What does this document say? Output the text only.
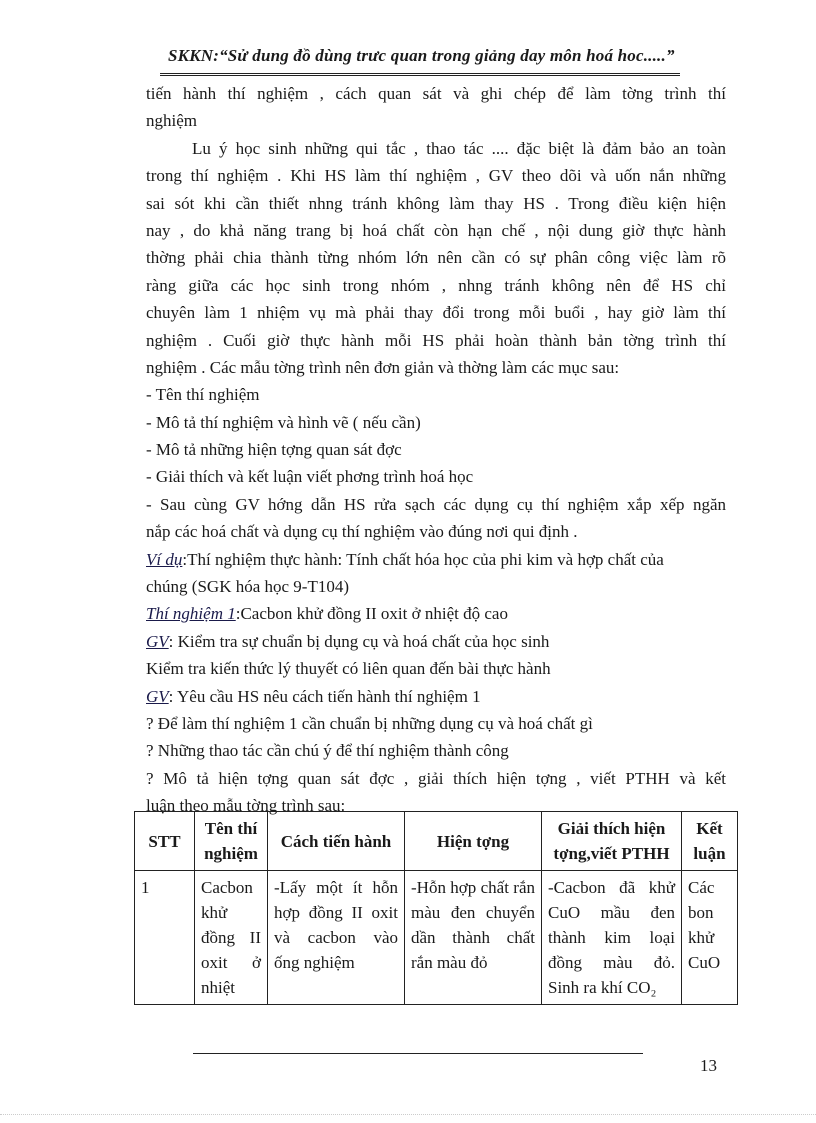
SKKN:“Sử dung đồ dùng trưc quan trong giảng day môn hoá hoc.....”
tiến hành thí nghiệm , cách quan sát và ghi chép để làm tờng trình thí
nghiệm
Lu ý học sinh những qui tắc , thao tác .... đặc biệt là đảm bảo an toàn
trong thí nghiệm . Khi HS làm thí nghiệm , GV theo dõi và uốn nắn những
sai sót khi cần thiết nhng tránh không làm thay HS . Trong điều kiện hiện
nay , do khả năng trang bị hoá chất còn hạn chế , nội dung giờ thực hành
thờng phải chia thành từng nhóm lớn nên cần có sự phân công việc làm rõ
ràng giữa các học sinh trong nhóm , nhng tránh không nên để HS chỉ
chuyên làm 1 nhiệm vụ mà phải thay đổi trong mỗi buổi , hay giờ làm thí
nghiệm . Cuối giờ thực hành mỗi HS phải hoàn thành bản tờng trình thí
nghiệm . Các mẫu tờng trình nên đơn giản và thờng làm các mục sau:
- Tên thí nghiệm
- Mô tả thí nghiệm và hình vẽ ( nếu cần)
- Mô tả những hiện tợng quan sát đợc
- Giải thích và kết luận viết phơng trình hoá học
- Sau cùng GV hớng dẫn HS rửa sạch các dụng cụ thí nghiệm xắp xếp ngăn
nắp các hoá chất và dụng cụ thí nghiệm vào đúng nơi qui định .
Ví dụ:Thí nghiệm thực hành: Tính chất hóa học của phi kim và hợp chất của
chúng (SGK hóa học 9-T104)
Thí nghiệm 1:Cacbon khử đồng II oxit ở nhiệt độ cao
GV: Kiểm tra sự chuẩn bị dụng cụ và hoá chất của học sinh
Kiểm tra kiến thức lý thuyết có liên quan đến bài thực hành
GV: Yêu cầu HS nêu cách tiến hành thí nghiệm 1
? Để làm thí nghiệm 1 cần chuẩn bị những dụng cụ và hoá chất gì
? Những thao tác cần chú ý để thí nghiệm thành công
? Mô tả hiện tợng quan sát đợc , giải thích hiện tợng , viết PTHH và kết
luận theo mẫu tờng trình sau:
STT	Tên thí nghiệm	Cách tiến hành	Hiện tợng	Giải thích hiện tợng,viết PTHH	Kết luận
1	Cacbon khử đồng II oxit ở nhiệt	-Lấy một ít hỗn hợp đồng II oxit và cacbon vào ống nghiệm	-Hỗn hợp chất rắn màu đen chuyển dần thành chất rắn màu đỏ	-Cacbon đã khử CuO mầu đen thành kim loại đồng màu đỏ. Sinh ra khí CO₂	Các bon khử CuO
13
